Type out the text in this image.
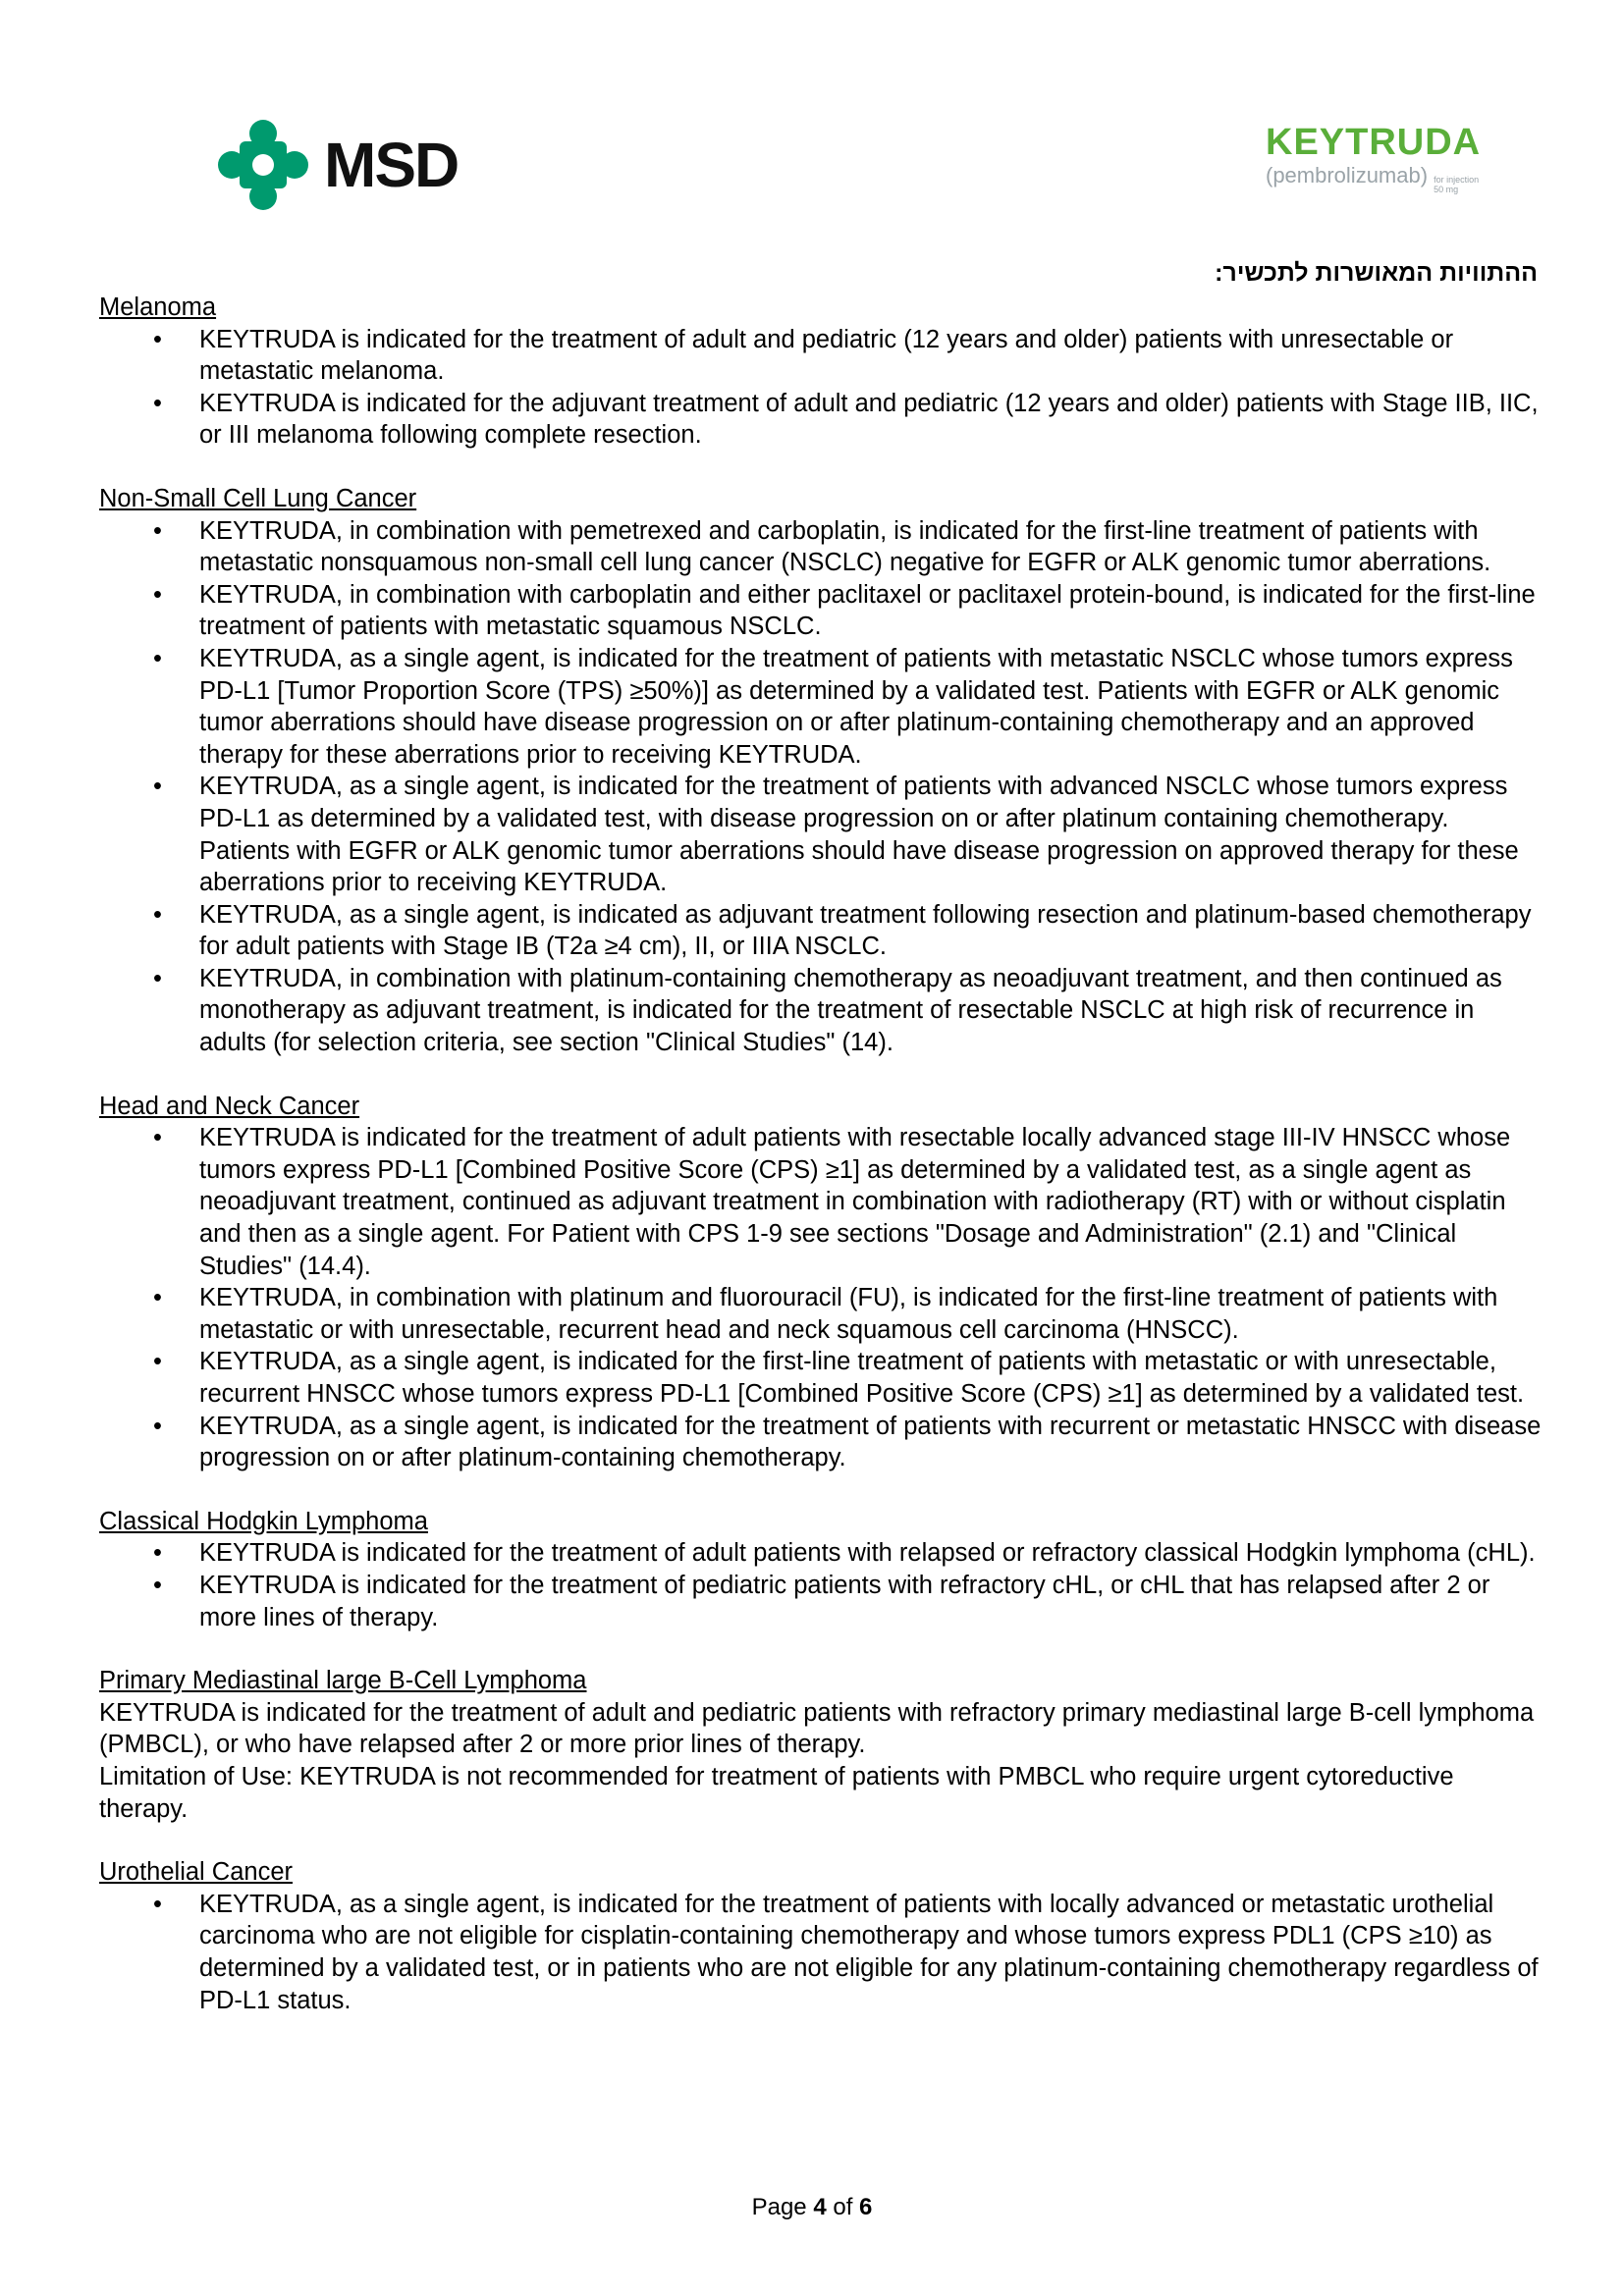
MSD	KEYTRUDA
(pembrolizumab) for injection 50 mg
ההתוויות המאושרות לתכשיר:

Melanoma

• KEYTRUDA is indicated for the treatment of adult and pediatric (12 years and older) patients with unresectable or metastatic melanoma.
• KEYTRUDA is indicated for the adjuvant treatment of adult and pediatric (12 years and older) patients with Stage IIB, IIC, or III melanoma following complete resection.

Non-Small Cell Lung Cancer

• KEYTRUDA, in combination with pemetrexed and carboplatin, is indicated for the first-line treatment of patients with metastatic nonsquamous non-small cell lung cancer (NSCLC) negative for EGFR or ALK genomic tumor aberrations.
• KEYTRUDA, in combination with carboplatin and either paclitaxel or paclitaxel protein-bound, is indicated for the first-line treatment of patients with metastatic squamous NSCLC.
• KEYTRUDA, as a single agent, is indicated for the treatment of patients with metastatic NSCLC whose tumors express PD-L1 [Tumor Proportion Score (TPS) ≥50%)] as determined by a validated test. Patients with EGFR or ALK genomic tumor aberrations should have disease progression on or after platinum-containing chemotherapy and an approved therapy for these aberrations prior to receiving KEYTRUDA.
• KEYTRUDA, as a single agent, is indicated for the treatment of patients with advanced NSCLC whose tumors express PD-L1 as determined by a validated test, with disease progression on or after platinum containing chemotherapy. Patients with EGFR or ALK genomic tumor aberrations should have disease progression on approved therapy for these aberrations prior to receiving KEYTRUDA.
• KEYTRUDA, as a single agent, is indicated as adjuvant treatment following resection and platinum-based chemotherapy for adult patients with Stage IB (T2a ≥4 cm), II, or IIIA NSCLC.
• KEYTRUDA, in combination with platinum-containing chemotherapy as neoadjuvant treatment, and then continued as monotherapy as adjuvant treatment, is indicated for the treatment of resectable NSCLC at high risk of recurrence in adults (for selection criteria, see section "Clinical Studies" (14).

Head and Neck Cancer

• KEYTRUDA is indicated for the treatment of adult patients with resectable locally advanced stage III-IV HNSCC whose tumors express PD-L1 [Combined Positive Score (CPS) ≥1] as determined by a validated test, as a single agent as neoadjuvant treatment, continued as adjuvant treatment in combination with radiotherapy (RT) with or without cisplatin and then as a single agent. For Patient with CPS 1-9 see sections "Dosage and Administration" (2.1) and "Clinical Studies" (14.4).
• KEYTRUDA, in combination with platinum and fluorouracil (FU), is indicated for the first-line treatment of patients with metastatic or with unresectable, recurrent head and neck squamous cell carcinoma (HNSCC).
• KEYTRUDA, as a single agent, is indicated for the first-line treatment of patients with metastatic or with unresectable, recurrent HNSCC whose tumors express PD-L1 [Combined Positive Score (CPS) ≥1] as determined by a validated test.
• KEYTRUDA, as a single agent, is indicated for the treatment of patients with recurrent or metastatic HNSCC with disease progression on or after platinum-containing chemotherapy.

Classical Hodgkin Lymphoma

• KEYTRUDA is indicated for the treatment of adult patients with relapsed or refractory classical Hodgkin lymphoma (cHL).
• KEYTRUDA is indicated for the treatment of pediatric patients with refractory cHL, or cHL that has relapsed after 2 or more lines of therapy.

Primary Mediastinal large B-Cell Lymphoma

KEYTRUDA is indicated for the treatment of adult and pediatric patients with refractory primary mediastinal large B-cell lymphoma (PMBCL), or who have relapsed after 2 or more prior lines of therapy.

Limitation of Use: KEYTRUDA is not recommended for treatment of patients with PMBCL who require urgent cytoreductive therapy.

Urothelial Cancer

• KEYTRUDA, as a single agent, is indicated for the treatment of patients with locally advanced or metastatic urothelial carcinoma who are not eligible for cisplatin-containing chemotherapy and whose tumors express PDL1 (CPS ≥10) as determined by a validated test, or in patients who are not eligible for any platinum-containing chemotherapy regardless of PD-L1 status.
Page 4 of 6
